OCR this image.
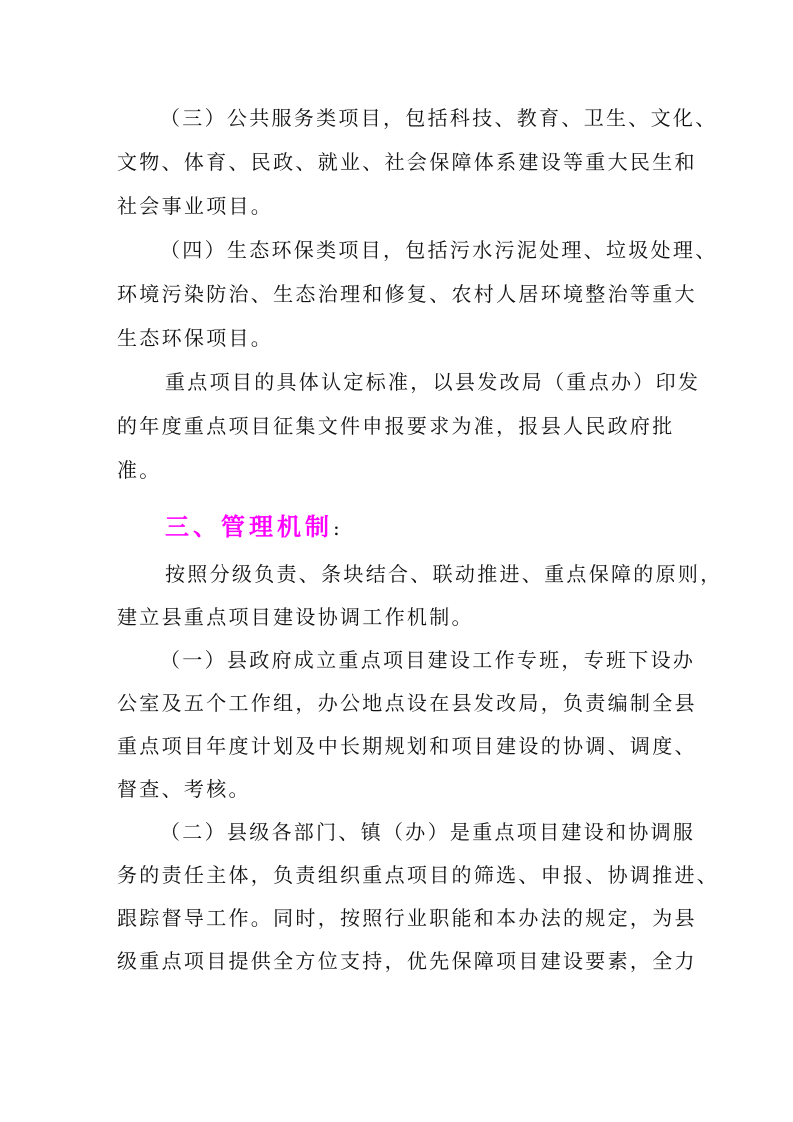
（三）公共服务类项目，包括科技、教育、卫生、文化、
文物、体育、民政、就业、社会保障体系建设等重大民生和
社会事业项目。
（四）生态环保类项目，包括污水污泥处理、垃圾处理、
环境污染防治、生态治理和修复、农村人居环境整治等重大
生态环保项目。
重点项目的具体认定标准，以县发改局（重点办）印发
的年度重点项目征集文件申报要求为准，报县人民政府批
准。
三、管理机制:
按照分级负责、条块结合、联动推进、重点保障的原则，
建立县重点项目建设协调工作机制。
（一）县政府成立重点项目建设工作专班，专班下设办
公室及五个工作组，办公地点设在县发改局，负责编制全县
重点项目年度计划及中长期规划和项目建设的协调、调度、
督查、考核。
（二）县级各部门、镇（办）是重点项目建设和协调服
务的责任主体，负责组织重点项目的筛选、申报、协调推进、
跟踪督导工作。同时，按照行业职能和本办法的规定，为县
级重点项目提供全方位支持，优先保障项目建设要素，全力
